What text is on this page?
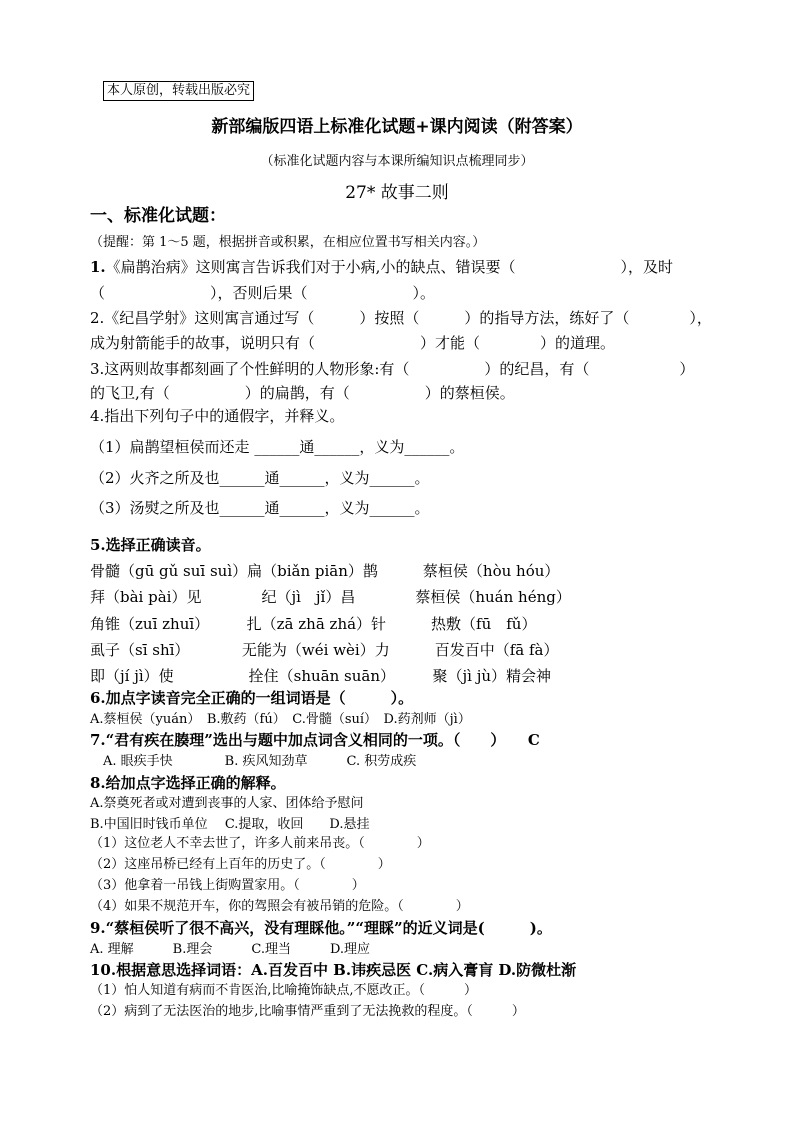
本人原创，转载出版必究
新部编版四语上标准化试题+课内阅读（附答案）
（标准化试题内容与本课所编知识点梳理同步）
27* 故事二则
一、标准化试题：
（提醒：第 1～5 题，根据拼音或积累，在相应位置书写相关内容。）
1.《扁鹊治病》这则寓言告诉我们对于小病,小的缺点、错误要（　　　　　　　），及时
（　　　　　　　），否则后果（　　　　　　　）。
2.《纪昌学射》这则寓言通过写（　　　）按照（　　　）的指导方法，练好了（　　　　），
成为射箭能手的故事，说明只有（　　　　　　　）才能（　　　　）的道理。
3.这两则故事都刻画了个性鲜明的人物形象:有（　　　　　）的纪昌，有（　　　　　　）
的飞卫,有（　　　　　）的扁鹊，有（　　　　　）的蔡桓侯。
4.指出下列句子中的通假字，并释义。
（1）扁鹊望桓侯而还走 ______通______，义为______。
（2）火齐之所及也______通______，义为______。
（3）汤熨之所及也______通______，义为______。
5.选择正确读音。
骨髓（gū gǔ suī suì）扁（biǎn piān）鹊　　　蔡桓侯（hòu hóu）
拜（bài pài）见　　　　纪（jì　jǐ）昌　　　　蔡桓侯（huán héng）
角锥（zuī zhuī）　　　扎（zā zhā zhá）针　　　热敷（fū　fǔ）
虱子（sī shī）　　　　无能为（wéi wèi）力　　　百发百中（fā fà）
即（jí jì）使　　　　　拴住（shuān suān）　　　聚（jì jù）精会神
6.加点字读音完全正确的一组词语是（　　　）。
A.蔡桓侯（yuán）　B.敷药（fú）　C.骨髓（suí）　D.药剂师（jì）
7.“君有疾在腠理”选出与题中加点词含义相同的一项。（　　）　　C
　A. 眼疾手快　　　　B. 疾风知劲草　　　C. 积劳成疾
8.给加点字选择正确的解释。
A.祭奠死者或对遭到丧事的人家、团体给予慰问
B.中国旧时钱币单位　 C.提取，收回　　D.悬挂
（1）这位老人不幸去世了，许多人前来吊丧。（　　　　）
（2）这座吊桥已经有上百年的历史了。（　　　　）
（3）他拿着一吊钱上街购置家用。（　　　　）
（4）如果不规范开车，你的驾照会有被吊销的危险。（　　　　）
9.“蔡桓侯听了很不高兴，没有理睬他。”“理睬”的近义词是(　　　)。
A. 理解　　　B.理会　　　C.理当　　　D.理应
10.根据意思选择词语：A.百发百中 B.讳疾忌医 C.病入膏肓 D.防微杜渐
（1）怕人知道有病而不肯医治,比喻掩饰缺点,不愿改正。（　　　）
（2）病到了无法医治的地步,比喻事情严重到了无法挽救的程度。（　　　）
